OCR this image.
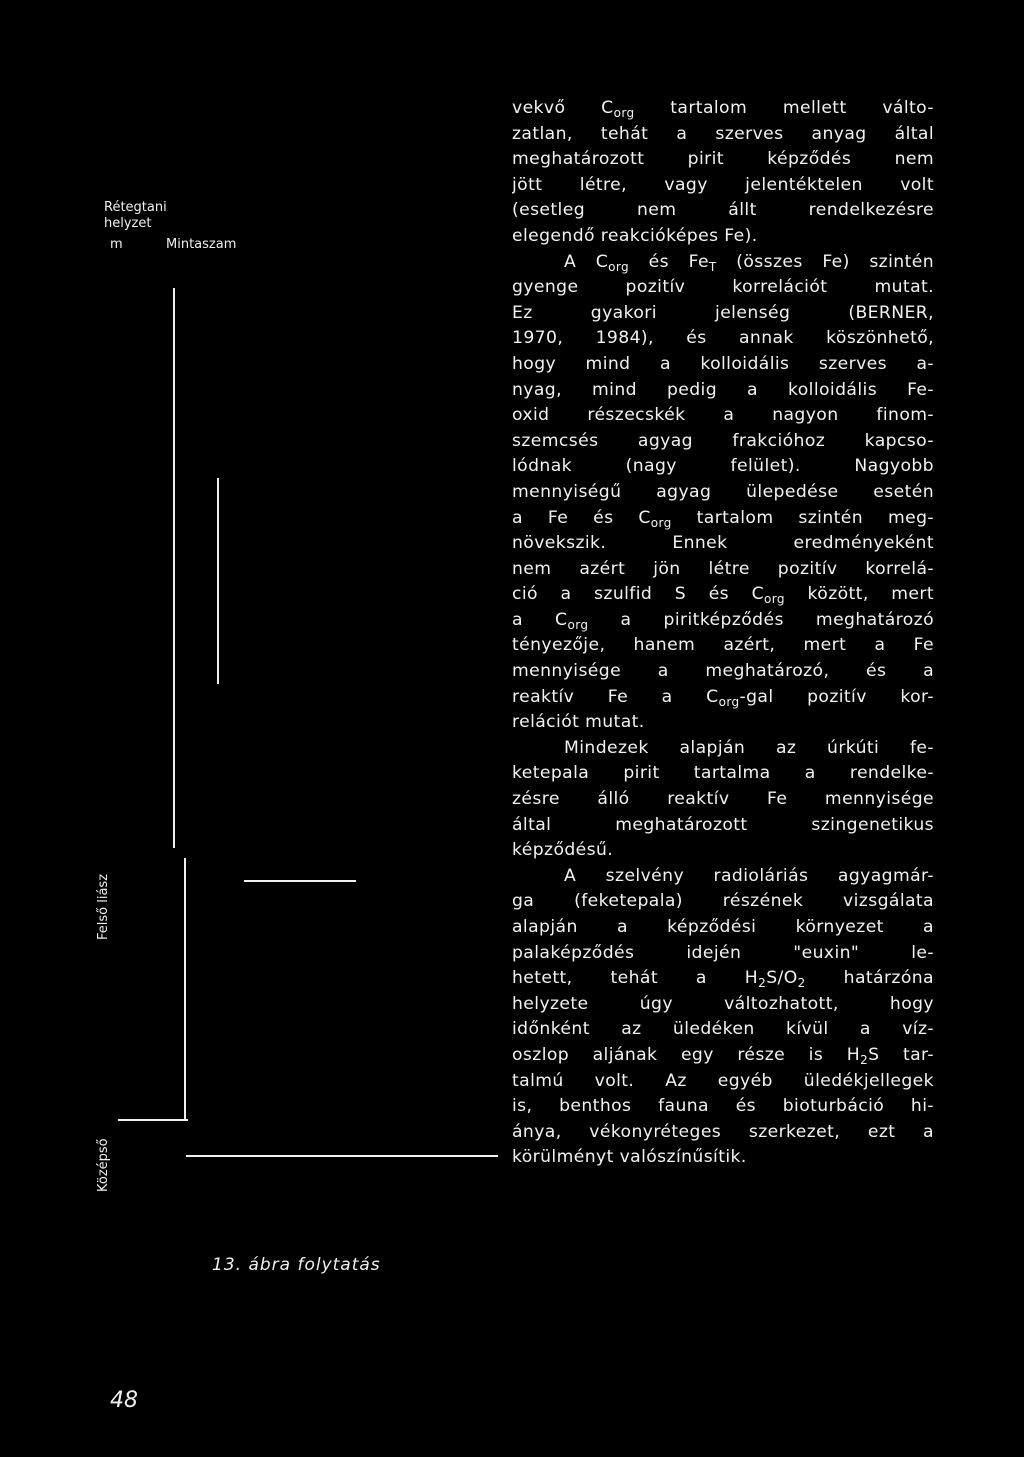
Rétegtani
helyzet
m	Mintaszam
Felső liász
Középső
13. ábra folytatás
vekvő $C_{org}$ tartalom mellett válto-
zatlan, tehát a szerves anyag által
meghatározott pirit képződés nem
jött létre, vagy jelentéktelen volt
(esetleg nem állt rendelkezésre
elegendő reakcióképes Fe).
A $C_{org}$ és $Fe_T$ (összes Fe) szintén
gyenge pozitív korrelációt mutat.
Ez gyakori jelenség (BERNER,
1970, 1984), és annak köszönhető,
hogy mind a kolloidális szerves a-
nyag, mind pedig a kolloidális Fe-
oxid részecskék a nagyon finom-
szemcsés agyag frakcióhoz kapcso-
lódnak (nagy felület). Nagyobb
mennyiségű agyag ülepedése esetén
a Fe és $C_{org}$ tartalom szintén meg-
növekszik. Ennek eredményeként
nem azért jön létre pozitív korrelá-
ció a szulfid S és $C_{org}$ között, mert
a $C_{org}$ a piritképződés meghatározó
tényezője, hanem azért, mert a Fe
mennyisége a meghatározó, és a
reaktív Fe a $C_{org}$-gal pozitív kor-
relációt mutat.
Mindezek alapján az úrkúti fe-
ketepala pirit tartalma a rendelke-
zésre álló reaktív Fe mennyisége
által meghatározott szingenetikus
képződésű.
A szelvény radioláriás agyagmár-
ga (feketepala) részének vizsgálata
alapján a képződési környezet a
palaképződés idején "euxin" le-
hetett, tehát a $H_2S/O_2$ határzóna
helyzete úgy változhatott, hogy
időnként az üledéken kívül a víz-
oszlop aljának egy része is $H_2S$ tar-
talmú volt. Az egyéb üledékjellegek
is, benthos fauna és bioturbáció hi-
ánya, vékonyréteges szerkezet, ezt a
körülményt valószínűsítik.
48
